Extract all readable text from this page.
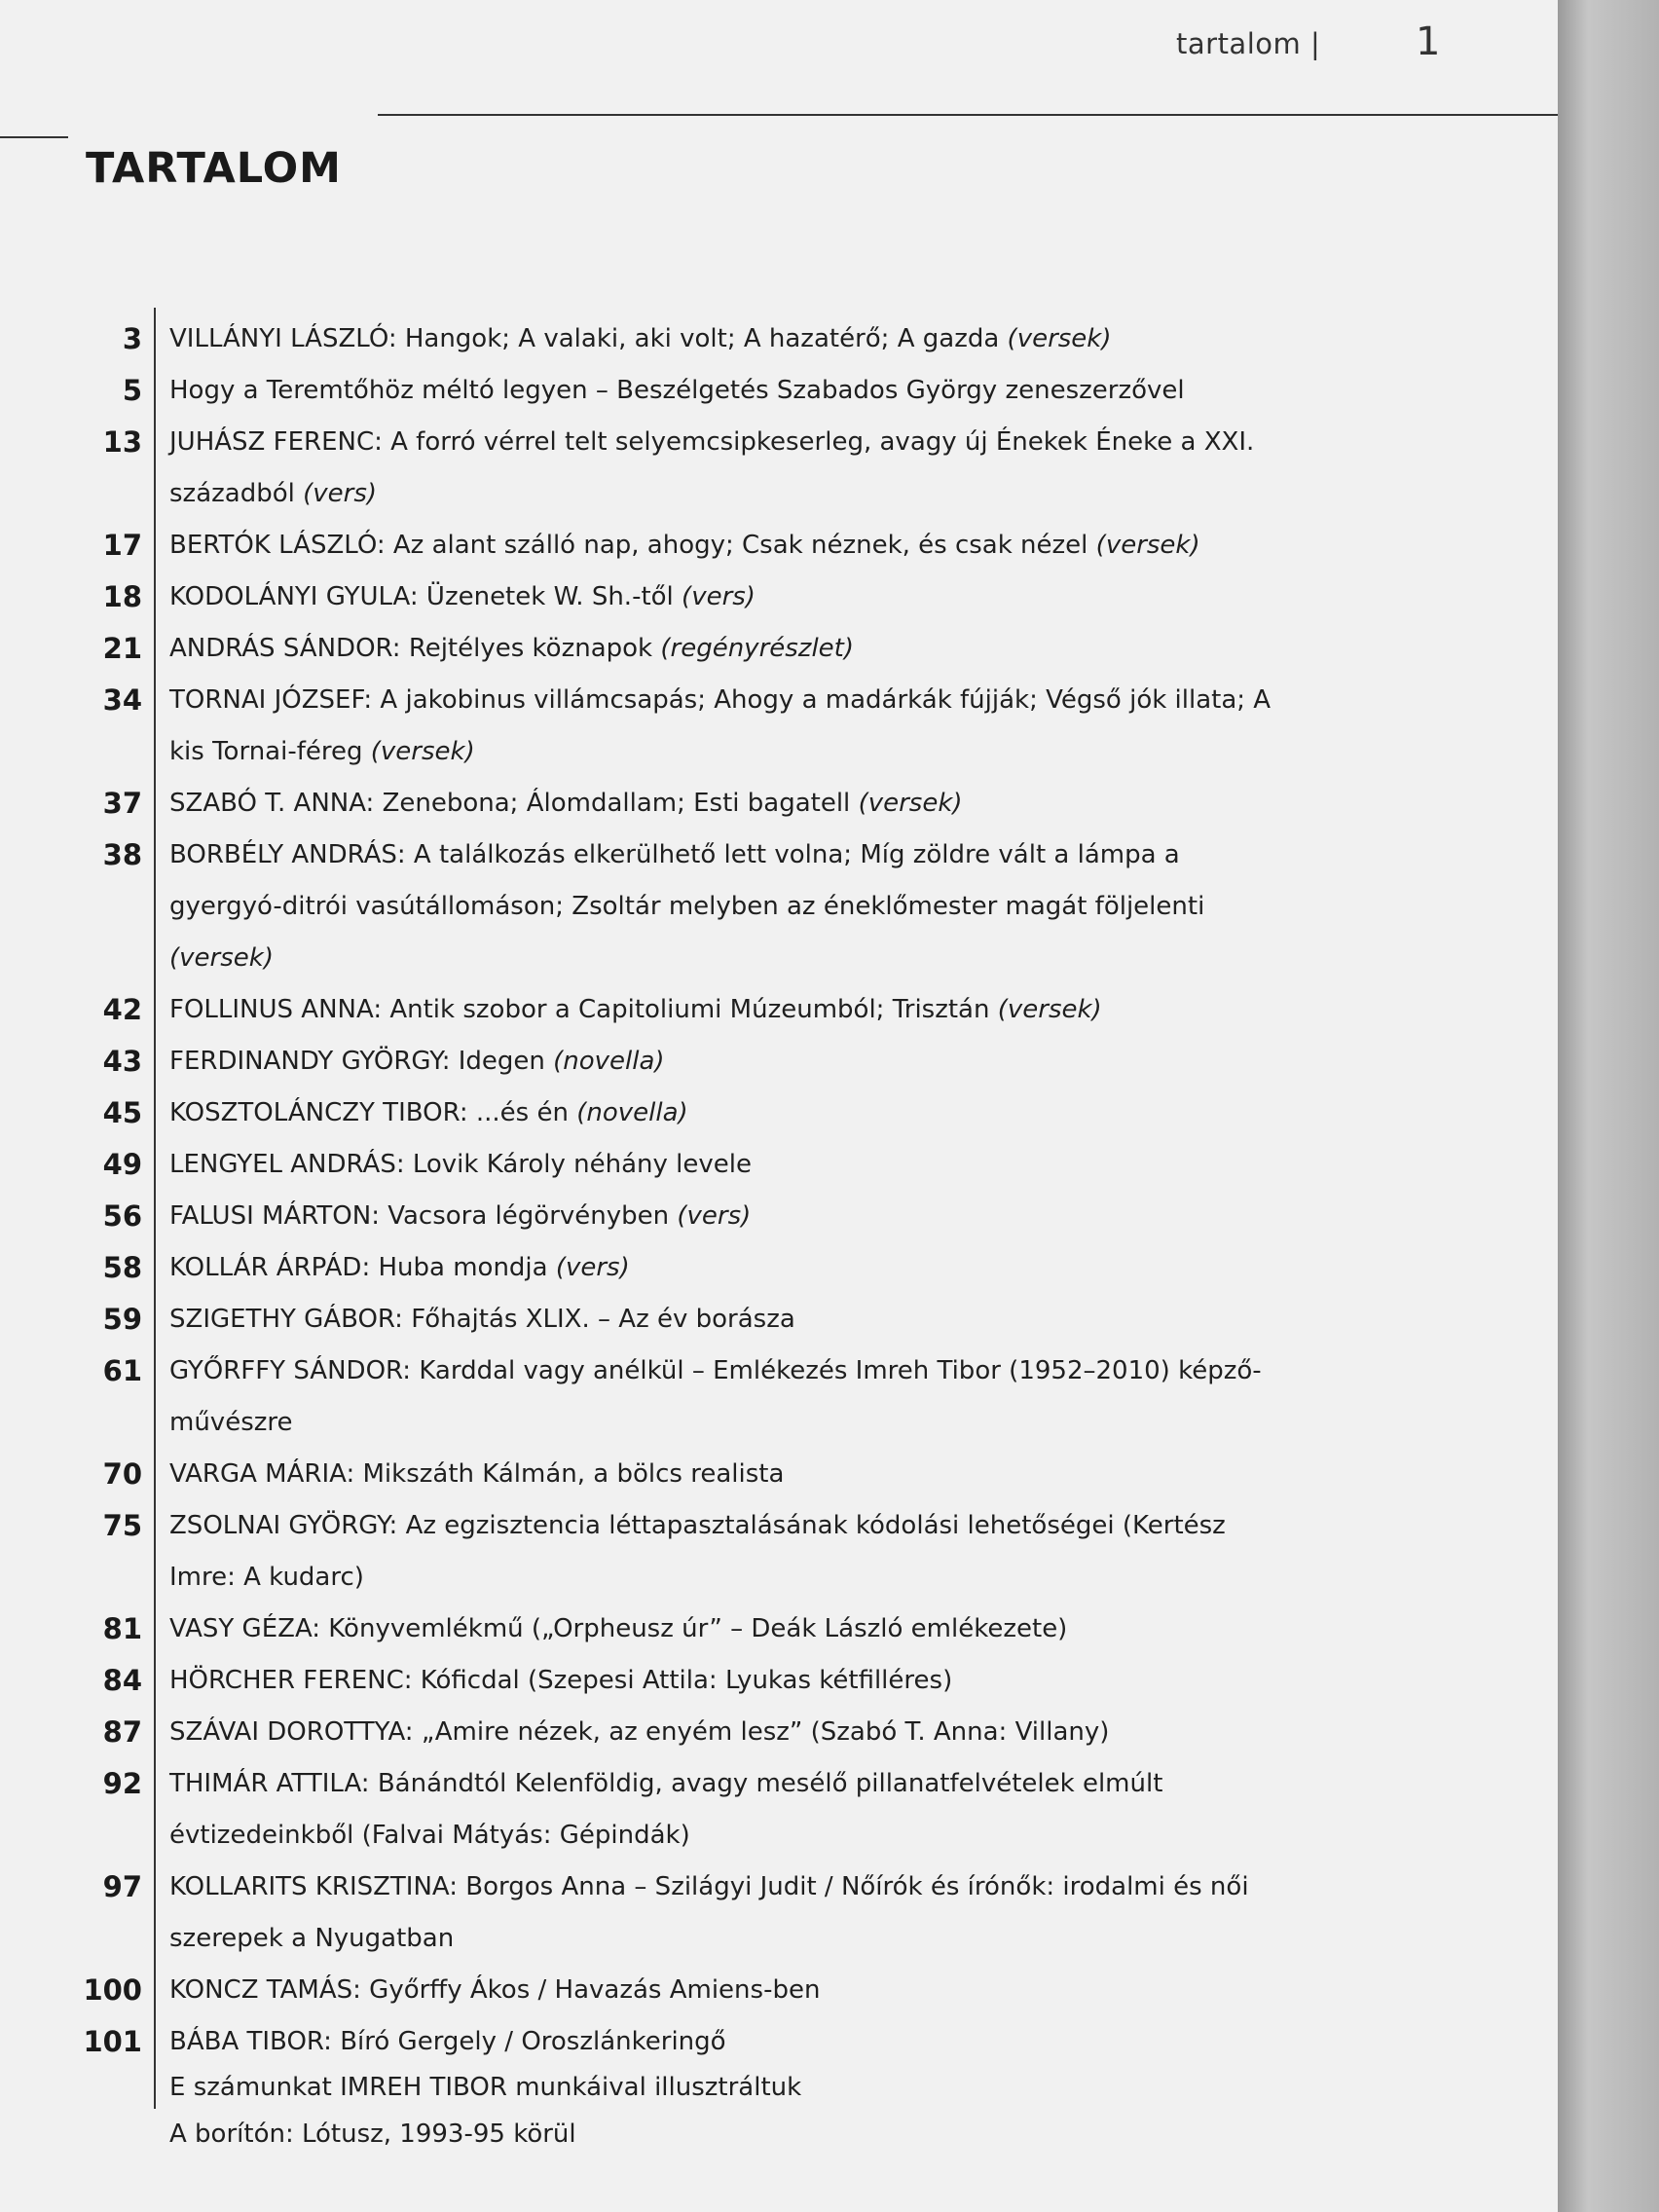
tartalom | 1
TARTALOM
3 VILLÁNYI LÁSZLÓ: Hangok; A valaki, aki volt; A hazatérő; A gazda (versek)
5 Hogy a Teremtőhöz méltó legyen – Beszélgetés Szabados György zeneszerzővel
13 JUHÁSZ FERENC: A forró vérrel telt selyemcsipkeserleg, avagy új Énekek Éneke a XXI. századból (vers)
17 BERTÓK LÁSZLÓ: Az alant szálló nap, ahogy; Csak néznek, és csak nézel (versek)
18 KODOLÁNYI GYULA: Üzenetek W. Sh.-től (vers)
21 ANDRÁS SÁNDOR: Rejtélyes köznapok (regényrészlet)
34 TORNAI JÓZSEF: A jakobinus villámcsapás; Ahogy a madárkák fújják; Végső jók illata; A kis Tornai-féreg (versek)
37 SZABÓ T. ANNA: Zenebona; Álomdallam; Esti bagatell (versek)
38 BORBÉLY ANDRÁS: A találkozás elkerülhető lett volna; Míg zöldre vált a lámpa a gyergyó-ditrói vasútállomáson; Zsoltár melyben az éneklőmester magát följelenti (versek)
42 FOLLINUS ANNA: Antik szobor a Capitoliumi Múzeumból; Trisztán (versek)
43 FERDINANDY GYÖRGY: Idegen (novella)
45 KOSZTOLÁNCZY TIBOR: ...és én (novella)
49 LENGYEL ANDRÁS: Lovik Károly néhány levele
56 FALUSI MÁRTON: Vacsora légörvényben (vers)
58 KOLLÁR ÁRPÁD: Huba mondja (vers)
59 SZIGETHY GÁBOR: Főhajtás XLIX. – Az év borásza
61 GYŐRFFY SÁNDOR: Karddal vagy anélkül – Emlékezés Imreh Tibor (1952–2010) képző-művészre
70 VARGA MÁRIA: Mikszáth Kálmán, a bölcs realista
75 ZSOLNAI GYÖRGY: Az egzisztencia léttapasztalásának kódolási lehetőségei (Kertész Imre: A kudarc)
81 VASY GÉZA: Könyvemlékmű („Orpheusz úr” – Deák László emlékezete)
84 HÖRCHER FERENC: Kóficdal (Szepesi Attila: Lyukas kétfilléres)
87 SZÁVAI DOROTTYA: „Amire nézek, az enyém lesz” (Szabó T. Anna: Villany)
92 THIMÁR ATTILA: Bánándtól Kelenföldig, avagy mesélő pillanatfelvételek elmúlt évtizedeinkből (Falvai Mátyás: Gépindák)
97 KOLLARITS KRISZTINA: Borgos Anna – Szilágyi Judit / Nőírók és írónők: irodalmi és női szerepek a Nyugatban
100 KONCZ TAMÁS: Győrffy Ákos / Havazás Amiens-ben
101 BÁBA TIBOR: Bíró Gergely / Oroszlánkeringő
E számunkat IMREH TIBOR munkáival illusztráltuk
A borítón: Lótusz, 1993-95 körül
